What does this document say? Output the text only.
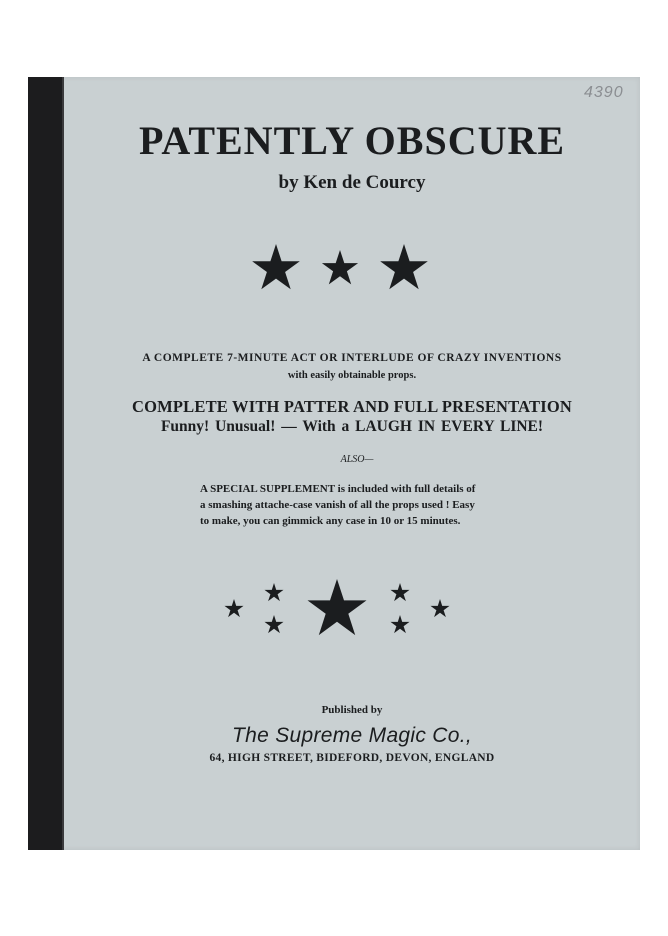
4390
PATENTLY OBSCURE
by Ken de Courcy
A COMPLETE 7-MINUTE ACT OR INTERLUDE OF CRAZY INVENTIONS
with easily obtainable props.
COMPLETE WITH PATTER AND FULL PRESENTATION
Funny! Unusual! — With a LAUGH IN EVERY LINE!
ALSO—
A SPECIAL SUPPLEMENT is included with full details of
a smashing attache-case vanish of all the props used ! Easy
to make, you can gimmick any case in 10 or 15 minutes.
Published by
The Supreme Magic Co.,
64, HIGH STREET, BIDEFORD, DEVON, ENGLAND
